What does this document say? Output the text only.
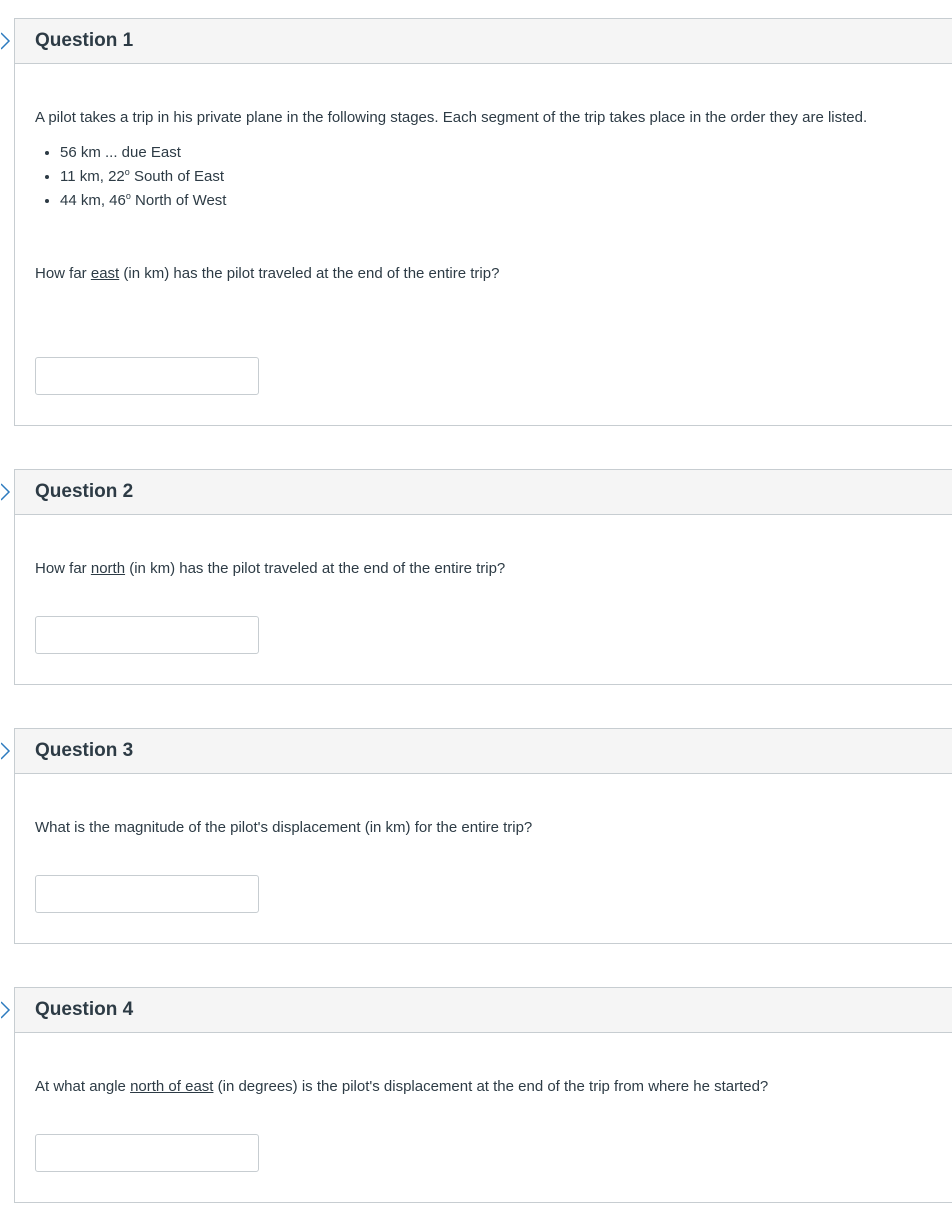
Question 1

A pilot takes a trip in his private plane in the following stages. Each segment of the trip takes place in the order they are listed.

• 56 km ... due East
• 11 km, 22$^o$ South of East
• 44 km, 46$^o$ North of West

How far east (in km) has the pilot traveled at the end of the entire trip?

Question 2

How far north (in km) has the pilot traveled at the end of the entire trip?

Question 3

What is the magnitude of the pilot's displacement (in km) for the entire trip?

Question 4

At what angle north of east (in degrees) is the pilot's displacement at the end of the trip from where he started?
